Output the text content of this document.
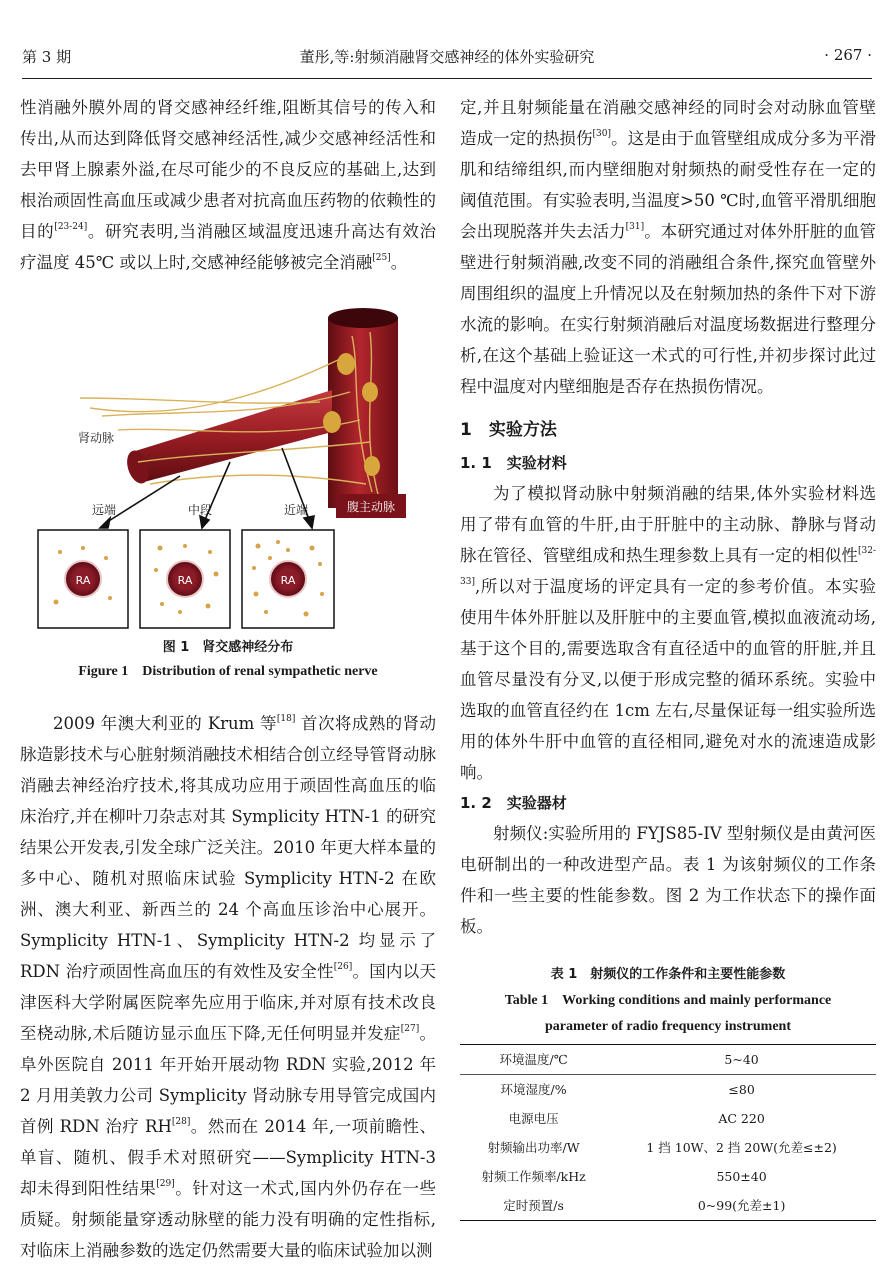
第 3 期	董彤,等:射频消融肾交感神经的体外实验研究	· 267 ·

性消融外膜外周的肾交感神经纤维,阻断其信号的传入和传出,从而达到降低肾交感神经活性,减少交感神经活性和去甲肾上腺素外溢,在尽可能少的不良反应的基础上,达到根治顽固性高血压或减少患者对抗高血压药物的依赖性的目的[23-24]。研究表明,当消融区域温度迅速升高达有效治疗温度 45℃ 或以上时,交感神经能够被完全消融[25]。

肾动脉
腹主动脉
远端	中段	近端
RA	RA	RA
图 1　肾交感神经分布
Figure 1　Distribution of renal sympathetic nerve

2009 年澳大利亚的 Krum 等[18] 首次将成熟的肾动脉造影技术与心脏射频消融技术相结合创立经导管肾动脉消融去神经治疗技术,将其成功应用于顽固性高血压的临床治疗,并在柳叶刀杂志对其 Symplicity HTN-1 的研究结果公开发表,引发全球广泛关注。2010 年更大样本量的多中心、随机对照临床试验 Symplicity HTN-2 在欧洲、澳大利亚、新西兰的 24 个高血压诊治中心展开。Symplicity HTN-1、Symplicity HTN-2 均显示了 RDN 治疗顽固性高血压的有效性及安全性[26]。国内以天津医科大学附属医院率先应用于临床,并对原有技术改良至桡动脉,术后随访显示血压下降,无任何明显并发症[27]。阜外医院自 2011 年开始开展动物 RDN 实验,2012 年 2 月用美敦力公司 Symplicity 肾动脉专用导管完成国内首例 RDN 治疗 RH[28]。然而在 2014 年,一项前瞻性、单盲、随机、假手术对照研究——Symplicity HTN-3 却未得到阳性结果[29]。针对这一术式,国内外仍存在一些质疑。射频能量穿透动脉壁的能力没有明确的定性指标,对临床上消融参数的选定仍然需要大量的临床试验加以测

定,并且射频能量在消融交感神经的同时会对动脉血管壁造成一定的热损伤[30]。这是由于血管壁组成成分多为平滑肌和结缔组织,而内壁细胞对射频热的耐受性存在一定的阈值范围。有实验表明,当温度>50 ℃时,血管平滑肌细胞会出现脱落并失去活力[31]。本研究通过对体外肝脏的血管壁进行射频消融,改变不同的消融组合条件,探究血管壁外周围组织的温度上升情况以及在射频加热的条件下对下游水流的影响。在实行射频消融后对温度场数据进行整理分析,在这个基础上验证这一术式的可行性,并初步探讨此过程中温度对内壁细胞是否存在热损伤情况。

1　实验方法
1. 1　实验材料

为了模拟肾动脉中射频消融的结果,体外实验材料选用了带有血管的牛肝,由于肝脏中的主动脉、静脉与肾动脉在管径、管壁组成和热生理参数上具有一定的相似性[32-33],所以对于温度场的评定具有一定的参考价值。本实验使用牛体外肝脏以及肝脏中的主要血管,模拟血液流动场,基于这个目的,需要选取含有直径适中的血管的肝脏,并且血管尽量没有分叉,以便于形成完整的循环系统。实验中选取的血管直径约在 1cm 左右,尽量保证每一组实验所选用的体外牛肝中血管的直径相同,避免对水的流速造成影响。

1. 2　实验器材

射频仪:实验所用的 FYJS85-IV 型射频仪是由黄河医电研制出的一种改进型产品。表 1 为该射频仪的工作条件和一些主要的性能参数。图 2 为工作状态下的操作面板。

表 1　射频仪的工作条件和主要性能参数
Table 1　Working conditions and mainly performance
parameter of radio frequency instrument

环境温度/℃	5~40
环境湿度/%	≤80
电源电压	AC 220
射频输出功率/W	1 挡 10W、2 挡 20W(允差≤±2)
射频工作频率/kHz	550±40
定时预置/s	0~99(允差±1)
